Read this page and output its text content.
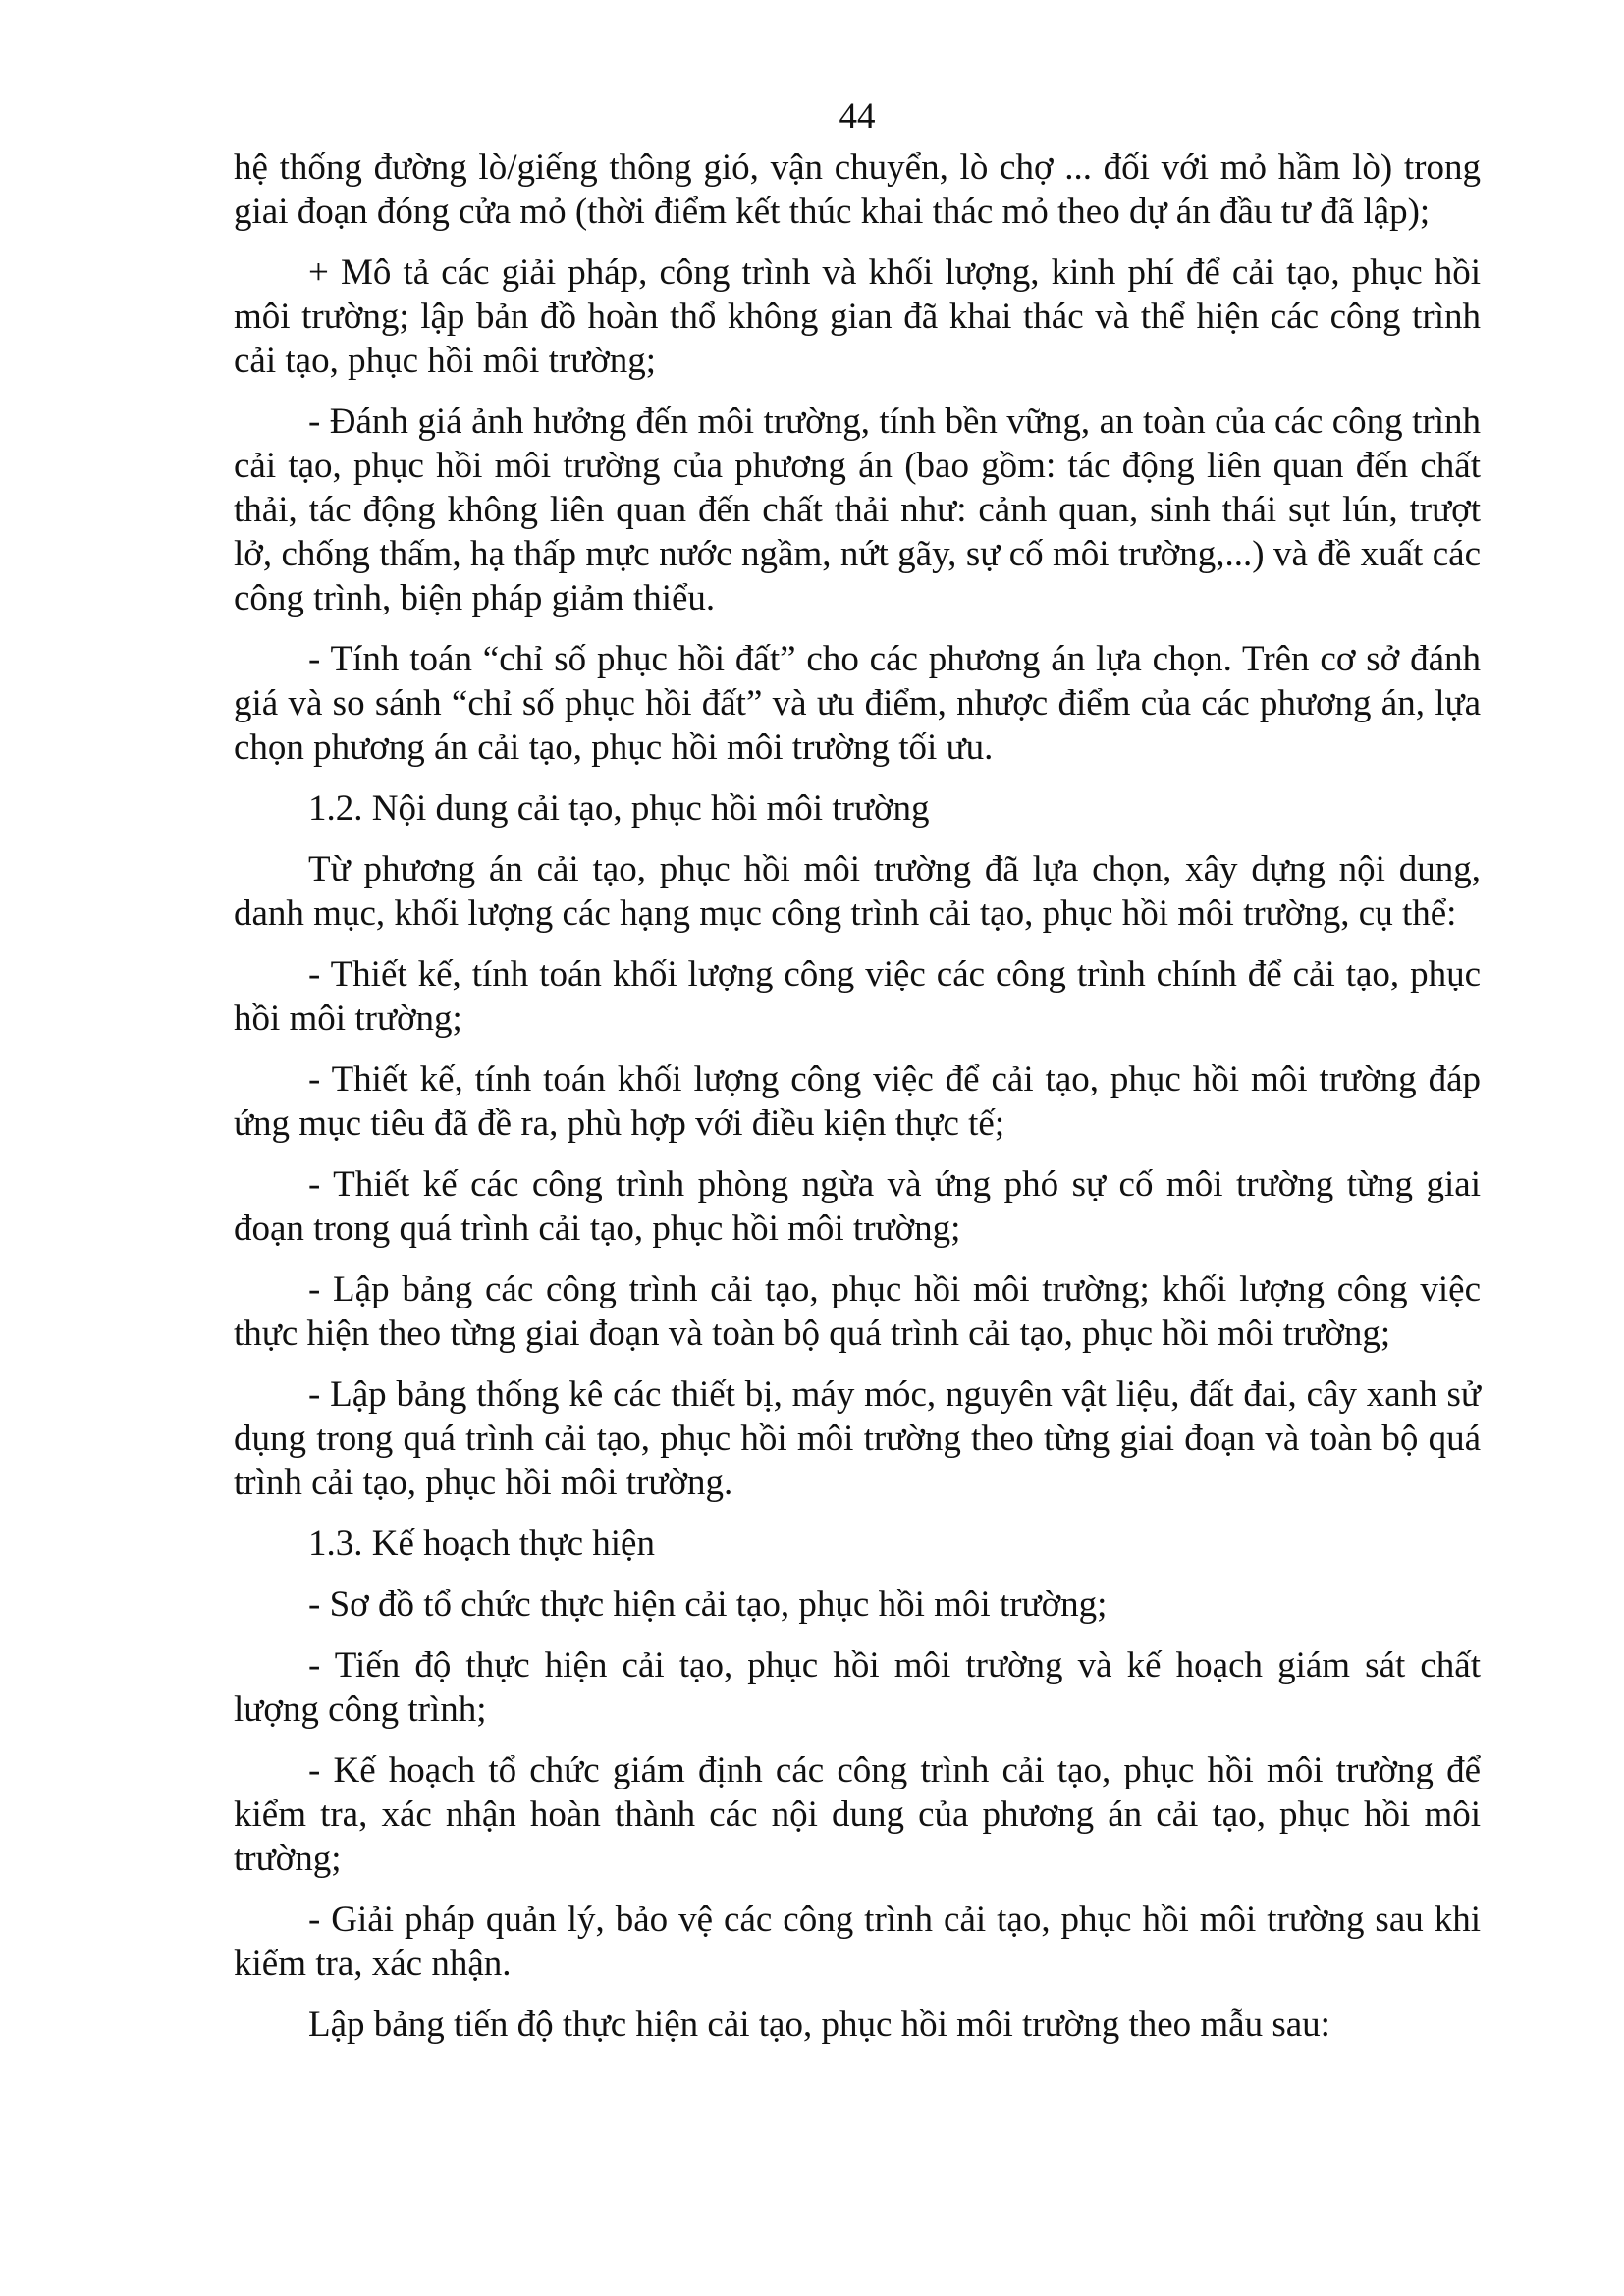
44

hệ thống đường lò/giếng thông gió, vận chuyển, lò chợ ... đối với mỏ hầm lò) trong giai đoạn đóng cửa mỏ (thời điểm kết thúc khai thác mỏ theo dự án đầu tư đã lập);

+ Mô tả các giải pháp, công trình và khối lượng, kinh phí để cải tạo, phục hồi môi trường; lập bản đồ hoàn thổ không gian đã khai thác và thể hiện các công trình cải tạo, phục hồi môi trường;

- Đánh giá ảnh hưởng đến môi trường, tính bền vững, an toàn của các công trình cải tạo, phục hồi môi trường của phương án (bao gồm: tác động liên quan đến chất thải, tác động không liên quan đến chất thải như: cảnh quan, sinh thái sụt lún, trượt lở, chống thấm, hạ thấp mực nước ngầm, nứt gãy, sự cố môi trường,...) và đề xuất các công trình, biện pháp giảm thiểu.

- Tính toán “chỉ số phục hồi đất” cho các phương án lựa chọn. Trên cơ sở đánh giá và so sánh “chỉ số phục hồi đất” và ưu điểm, nhược điểm của các phương án, lựa chọn phương án cải tạo, phục hồi môi trường tối ưu.

1.2. Nội dung cải tạo, phục hồi môi trường

Từ phương án cải tạo, phục hồi môi trường đã lựa chọn, xây dựng nội dung, danh mục, khối lượng các hạng mục công trình cải tạo, phục hồi môi trường, cụ thể:

- Thiết kế, tính toán khối lượng công việc các công trình chính để cải tạo, phục hồi môi trường;

- Thiết kế, tính toán khối lượng công việc để cải tạo, phục hồi môi trường đáp ứng mục tiêu đã đề ra, phù hợp với điều kiện thực tế;

- Thiết kế các công trình phòng ngừa và ứng phó sự cố môi trường từng giai đoạn trong quá trình cải tạo, phục hồi môi trường;

- Lập bảng các công trình cải tạo, phục hồi môi trường; khối lượng công việc thực hiện theo từng giai đoạn và toàn bộ quá trình cải tạo, phục hồi môi trường;

- Lập bảng thống kê các thiết bị, máy móc, nguyên vật liệu, đất đai, cây xanh sử dụng trong quá trình cải tạo, phục hồi môi trường theo từng giai đoạn và toàn bộ quá trình cải tạo, phục hồi môi trường.

1.3. Kế hoạch thực hiện

- Sơ đồ tổ chức thực hiện cải tạo, phục hồi môi trường;

- Tiến độ thực hiện cải tạo, phục hồi môi trường và kế hoạch giám sát chất lượng công trình;

- Kế hoạch tổ chức giám định các công trình cải tạo, phục hồi môi trường để kiểm tra, xác nhận hoàn thành các nội dung của phương án cải tạo, phục hồi môi trường;

- Giải pháp quản lý, bảo vệ các công trình cải tạo, phục hồi môi trường sau khi kiểm tra, xác nhận.

Lập bảng tiến độ thực hiện cải tạo, phục hồi môi trường theo mẫu sau:
